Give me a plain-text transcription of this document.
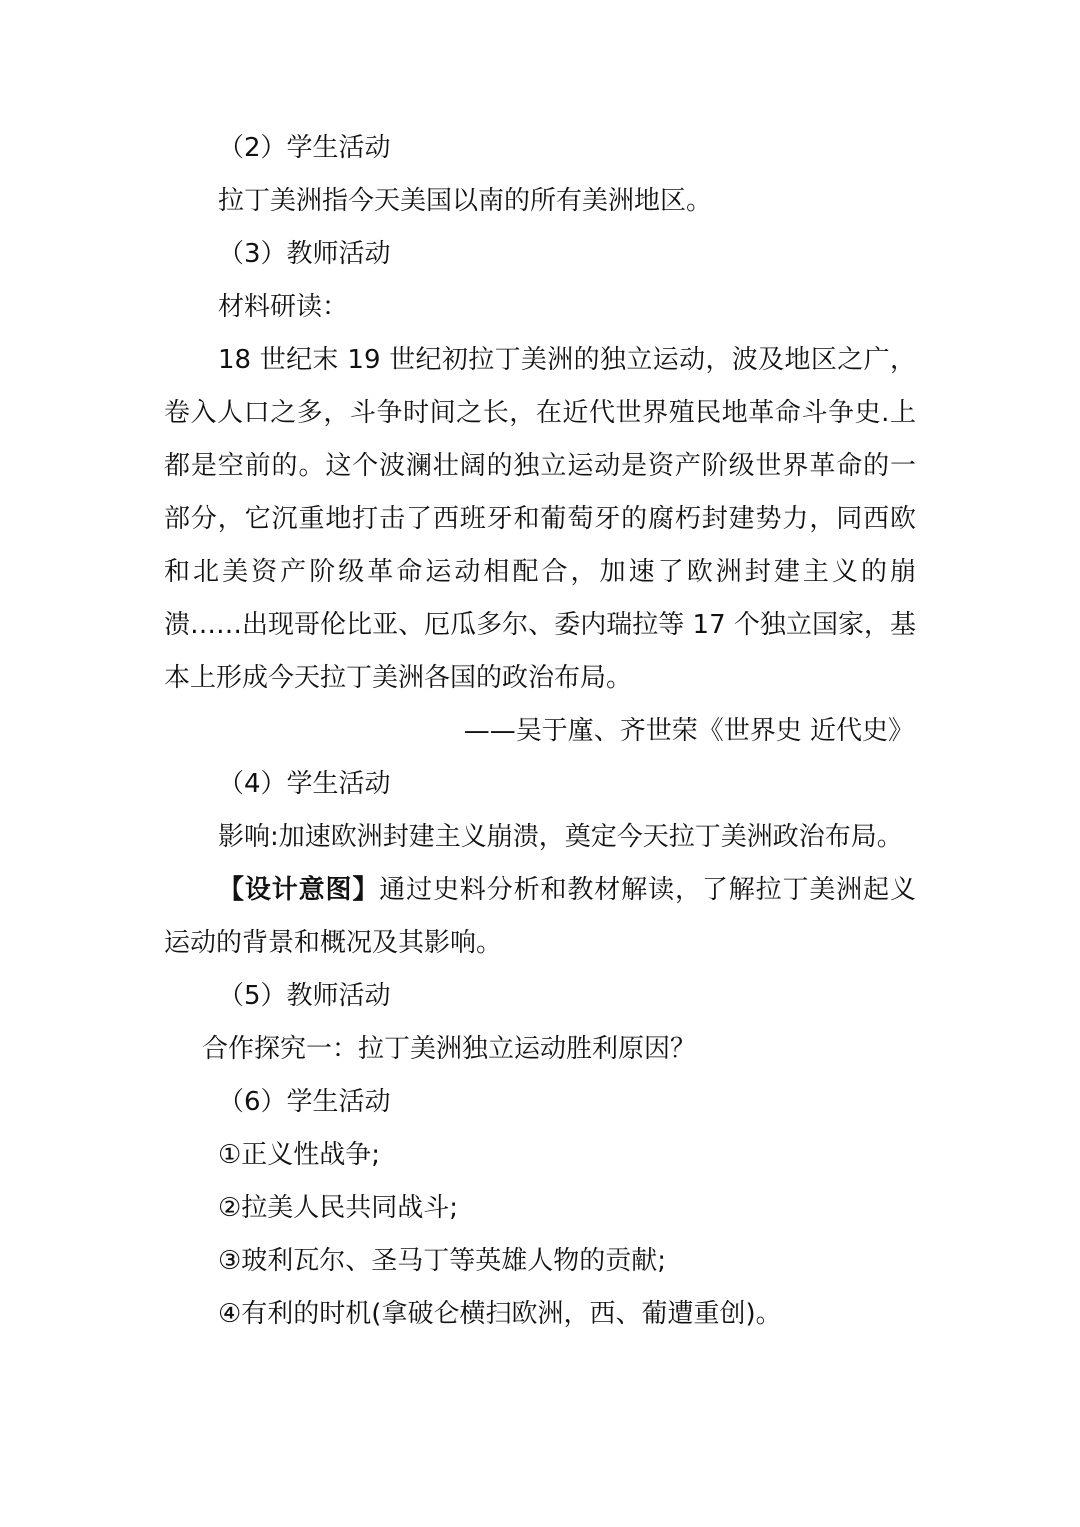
（2）学生活动
拉丁美洲指今天美国以南的所有美洲地区。
（3）教师活动
材料研读：
18 世纪末 19 世纪初拉丁美洲的独立运动，波及地区之广，卷入人口之多，斗争时间之长，在近代世界殖民地革命斗争史.上都是空前的。这个波澜壮阔的独立运动是资产阶级世界革命的一部分，它沉重地打击了西班牙和葡萄牙的腐朽封建势力，同西欧和北美资产阶级革命运动相配合，加速了欧洲封建主义的崩溃……出现哥伦比亚、厄瓜多尔、委内瑞拉等 17 个独立国家，基本上形成今天拉丁美洲各国的政治布局。
——吴于廑、齐世荣《世界史 近代史》
（4）学生活动
影响:加速欧洲封建主义崩溃，奠定今天拉丁美洲政治布局。
【设计意图】通过史料分析和教材解读，了解拉丁美洲起义运动的背景和概况及其影响。
（5）教师活动
合作探究一：拉丁美洲独立运动胜利原因？
（6）学生活动
①正义性战争;
②拉美人民共同战斗;
③玻利瓦尔、圣马丁等英雄人物的贡献;
④有利的时机(拿破仑横扫欧洲，西、葡遭重创)。
